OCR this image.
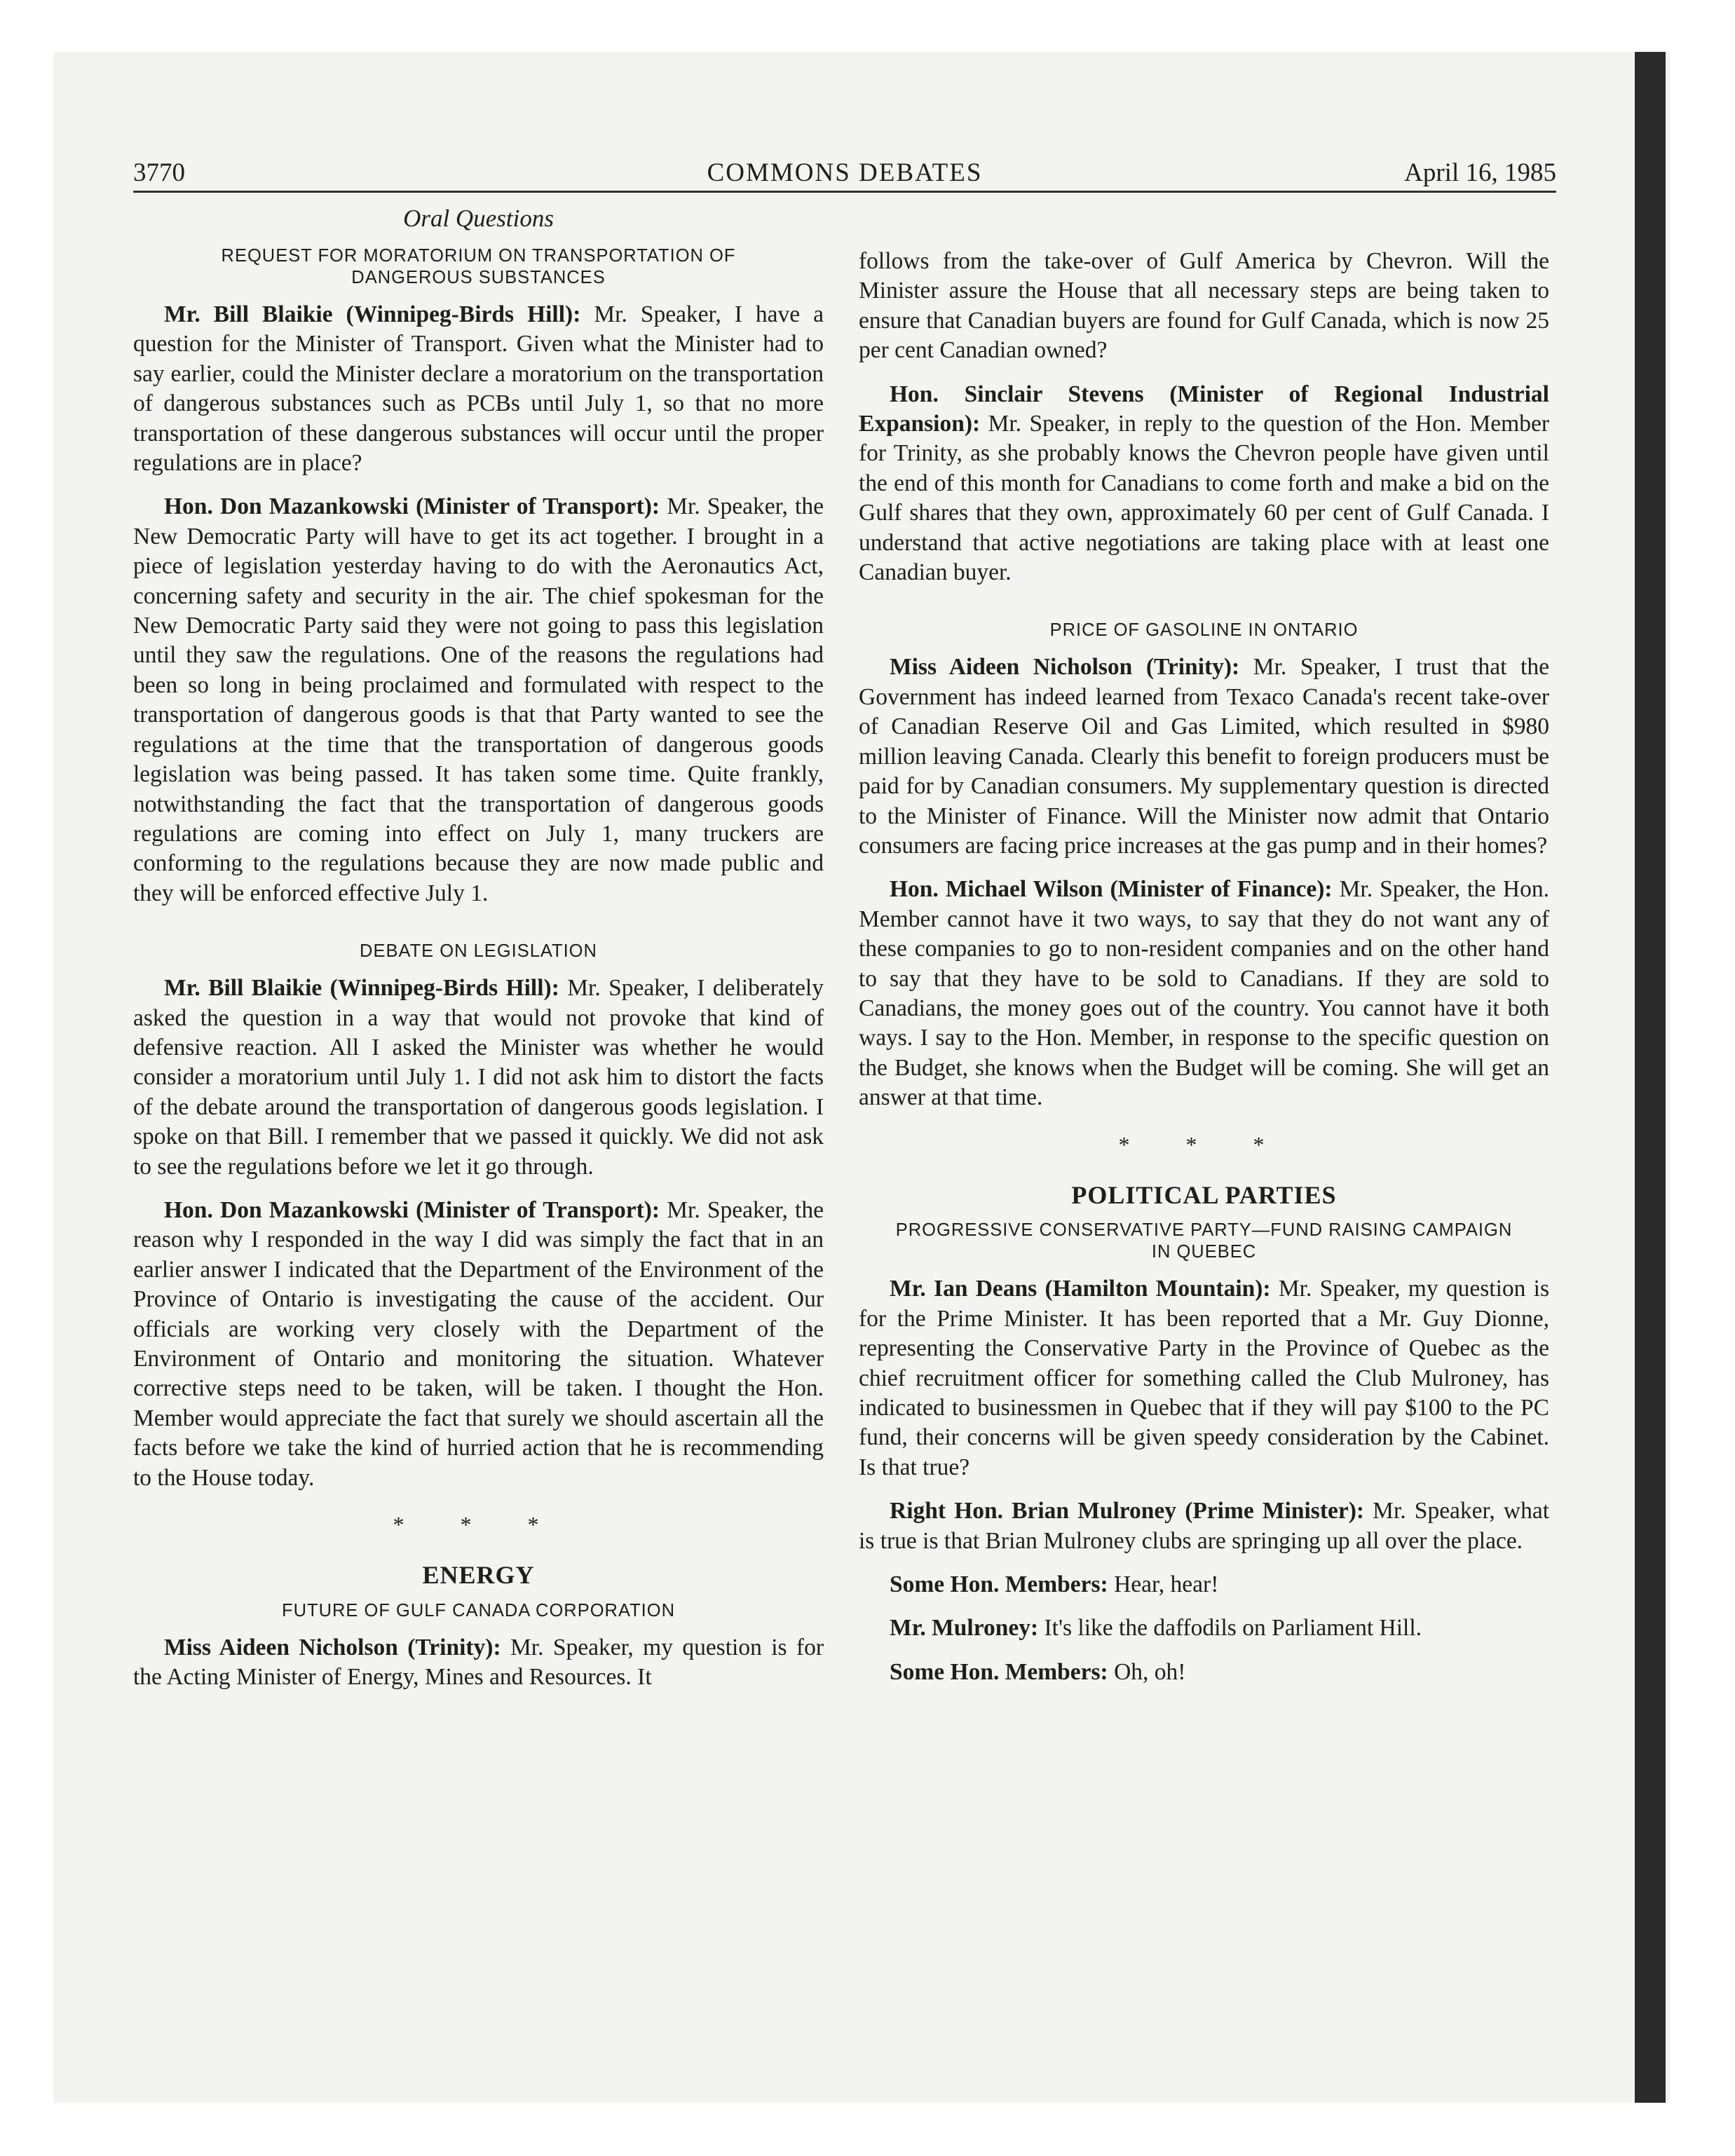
3770	COMMONS DEBATES	April 16, 1985
Oral Questions
REQUEST FOR MORATORIUM ON TRANSPORTATION OF DANGEROUS SUBSTANCES

Mr. Bill Blaikie (Winnipeg-Birds Hill): Mr. Speaker, I have a question for the Minister of Transport. Given what the Minister had to say earlier, could the Minister declare a moratorium on the transportation of dangerous substances such as PCBs until July 1, so that no more transportation of these dangerous substances will occur until the proper regulations are in place?

Hon. Don Mazankowski (Minister of Transport): Mr. Speaker, the New Democratic Party will have to get its act together. I brought in a piece of legislation yesterday having to do with the Aeronautics Act, concerning safety and security in the air. The chief spokesman for the New Democratic Party said they were not going to pass this legislation until they saw the regulations. One of the reasons the regulations had been so long in being proclaimed and formulated with respect to the transportation of dangerous goods is that that Party wanted to see the regulations at the time that the transportation of dangerous goods legislation was being passed. It has taken some time. Quite frankly, notwithstanding the fact that the transportation of dangerous goods regulations are coming into effect on July 1, many truckers are conforming to the regulations because they are now made public and they will be enforced effective July 1.

DEBATE ON LEGISLATION

Mr. Bill Blaikie (Winnipeg-Birds Hill): Mr. Speaker, I deliberately asked the question in a way that would not provoke that kind of defensive reaction. All I asked the Minister was whether he would consider a moratorium until July 1. I did not ask him to distort the facts of the debate around the transportation of dangerous goods legislation. I spoke on that Bill. I remember that we passed it quickly. We did not ask to see the regulations before we let it go through.

Hon. Don Mazankowski (Minister of Transport): Mr. Speaker, the reason why I responded in the way I did was simply the fact that in an earlier answer I indicated that the Department of the Environment of the Province of Ontario is investigating the cause of the accident. Our officials are working very closely with the Department of the Environment of Ontario and monitoring the situation. Whatever corrective steps need to be taken, will be taken. I thought the Hon. Member would appreciate the fact that surely we should ascertain all the facts before we take the kind of hurried action that he is recommending to the House today.

* * *
ENERGY
FUTURE OF GULF CANADA CORPORATION

Miss Aideen Nicholson (Trinity): Mr. Speaker, my question is for the Acting Minister of Energy, Mines and Resources. It

follows from the take-over of Gulf America by Chevron. Will the Minister assure the House that all necessary steps are being taken to ensure that Canadian buyers are found for Gulf Canada, which is now 25 per cent Canadian owned?

Hon. Sinclair Stevens (Minister of Regional Industrial Expansion): Mr. Speaker, in reply to the question of the Hon. Member for Trinity, as she probably knows the Chevron people have given until the end of this month for Canadians to come forth and make a bid on the Gulf shares that they own, approximately 60 per cent of Gulf Canada. I understand that active negotiations are taking place with at least one Canadian buyer.

PRICE OF GASOLINE IN ONTARIO

Miss Aideen Nicholson (Trinity): Mr. Speaker, I trust that the Government has indeed learned from Texaco Canada's recent take-over of Canadian Reserve Oil and Gas Limited, which resulted in $980 million leaving Canada. Clearly this benefit to foreign producers must be paid for by Canadian consumers. My supplementary question is directed to the Minister of Finance. Will the Minister now admit that Ontario consumers are facing price increases at the gas pump and in their homes?

Hon. Michael Wilson (Minister of Finance): Mr. Speaker, the Hon. Member cannot have it two ways, to say that they do not want any of these companies to go to non-resident companies and on the other hand to say that they have to be sold to Canadians. If they are sold to Canadians, the money goes out of the country. You cannot have it both ways. I say to the Hon. Member, in response to the specific question on the Budget, she knows when the Budget will be coming. She will get an answer at that time.

* * *
POLITICAL PARTIES
PROGRESSIVE CONSERVATIVE PARTY—FUND RAISING CAMPAIGN IN QUEBEC

Mr. Ian Deans (Hamilton Mountain): Mr. Speaker, my question is for the Prime Minister. It has been reported that a Mr. Guy Dionne, representing the Conservative Party in the Province of Quebec as the chief recruitment officer for something called the Club Mulroney, has indicated to businessmen in Quebec that if they will pay $100 to the PC fund, their concerns will be given speedy consideration by the Cabinet. Is that true?

Right Hon. Brian Mulroney (Prime Minister): Mr. Speaker, what is true is that Brian Mulroney clubs are springing up all over the place.

Some Hon. Members: Hear, hear!

Mr. Mulroney: It's like the daffodils on Parliament Hill.

Some Hon. Members: Oh, oh!
